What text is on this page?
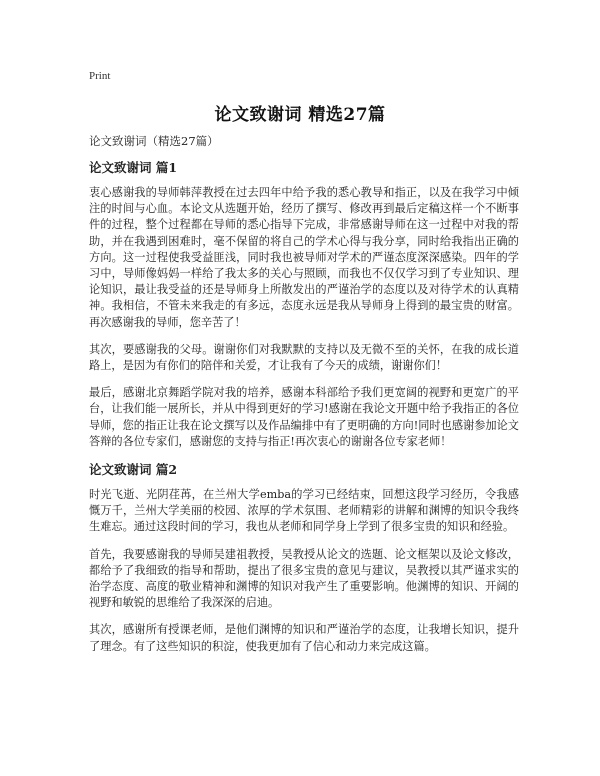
Print
论文致谢词 精选27篇

论文致谢词（精选27篇）

论文致谢词 篇1

衷心感谢我的导师韩萍教授在过去四年中给予我的悉心教导和指正，以及在我学习中倾注的时间与心血。本论文从选题开始，经历了撰写、修改再到最后定稿这样一个不断事件的过程，整个过程都在导师的悉心指导下完成，非常感谢导师在这一过程中对我的帮助，并在我遇到困难时，毫不保留的将自己的学术心得与我分享，同时给我指出正确的方向。这一过程使我受益匪浅，同时我也被导师对学术的严谨态度深深感染。四年的学习中，导师像妈妈一样给了我太多的关心与照顾，而我也不仅仅学习到了专业知识、理论知识，最让我受益的还是导师身上所散发出的严谨治学的态度以及对待学术的认真精神。我相信，不管未来我走的有多远，态度永远是我从导师身上得到的最宝贵的财富。再次感谢我的导师，您辛苦了！

其次，要感谢我的父母。谢谢你们对我默默的支持以及无微不至的关怀，在我的成长道路上，是因为有你们的陪伴和关爱，才让我有了今天的成绩，谢谢你们！

最后，感谢北京舞蹈学院对我的培养，感谢本科部给予我们更宽阔的视野和更宽广的平台，让我们能一展所长，并从中得到更好的学习!感谢在我论文开题中给予我指正的各位导师，您的指正让我在论文撰写以及作品编排中有了更明确的方向!同时也感谢参加论文答辩的各位专家们，感谢您的支持与指正!再次衷心的谢谢各位专家老师！

论文致谢词 篇2

时光飞逝、光阴荏苒，在兰州大学emba的学习已经结束，回想这段学习经历，令我感慨万千，兰州大学美丽的校园、浓厚的学术氛围、老师精彩的讲解和渊博的知识令我终生难忘。通过这段时间的学习，我也从老师和同学身上学到了很多宝贵的知识和经验。

首先，我要感谢我的导师吴建祖教授，吴教授从论文的选题、论文框架以及论文修改，都给予了我细致的指导和帮助，提出了很多宝贵的意见与建议，吴教授以其严谨求实的治学态度、高度的敬业精神和渊博的知识对我产生了重要影响。他渊博的知识、开阔的视野和敏锐的思维给了我深深的启迪。

其次，感谢所有授课老师，是他们渊博的知识和严谨治学的态度，让我增长知识，提升了理念。有了这些知识的积淀，使我更加有了信心和动力来完成这篇。
